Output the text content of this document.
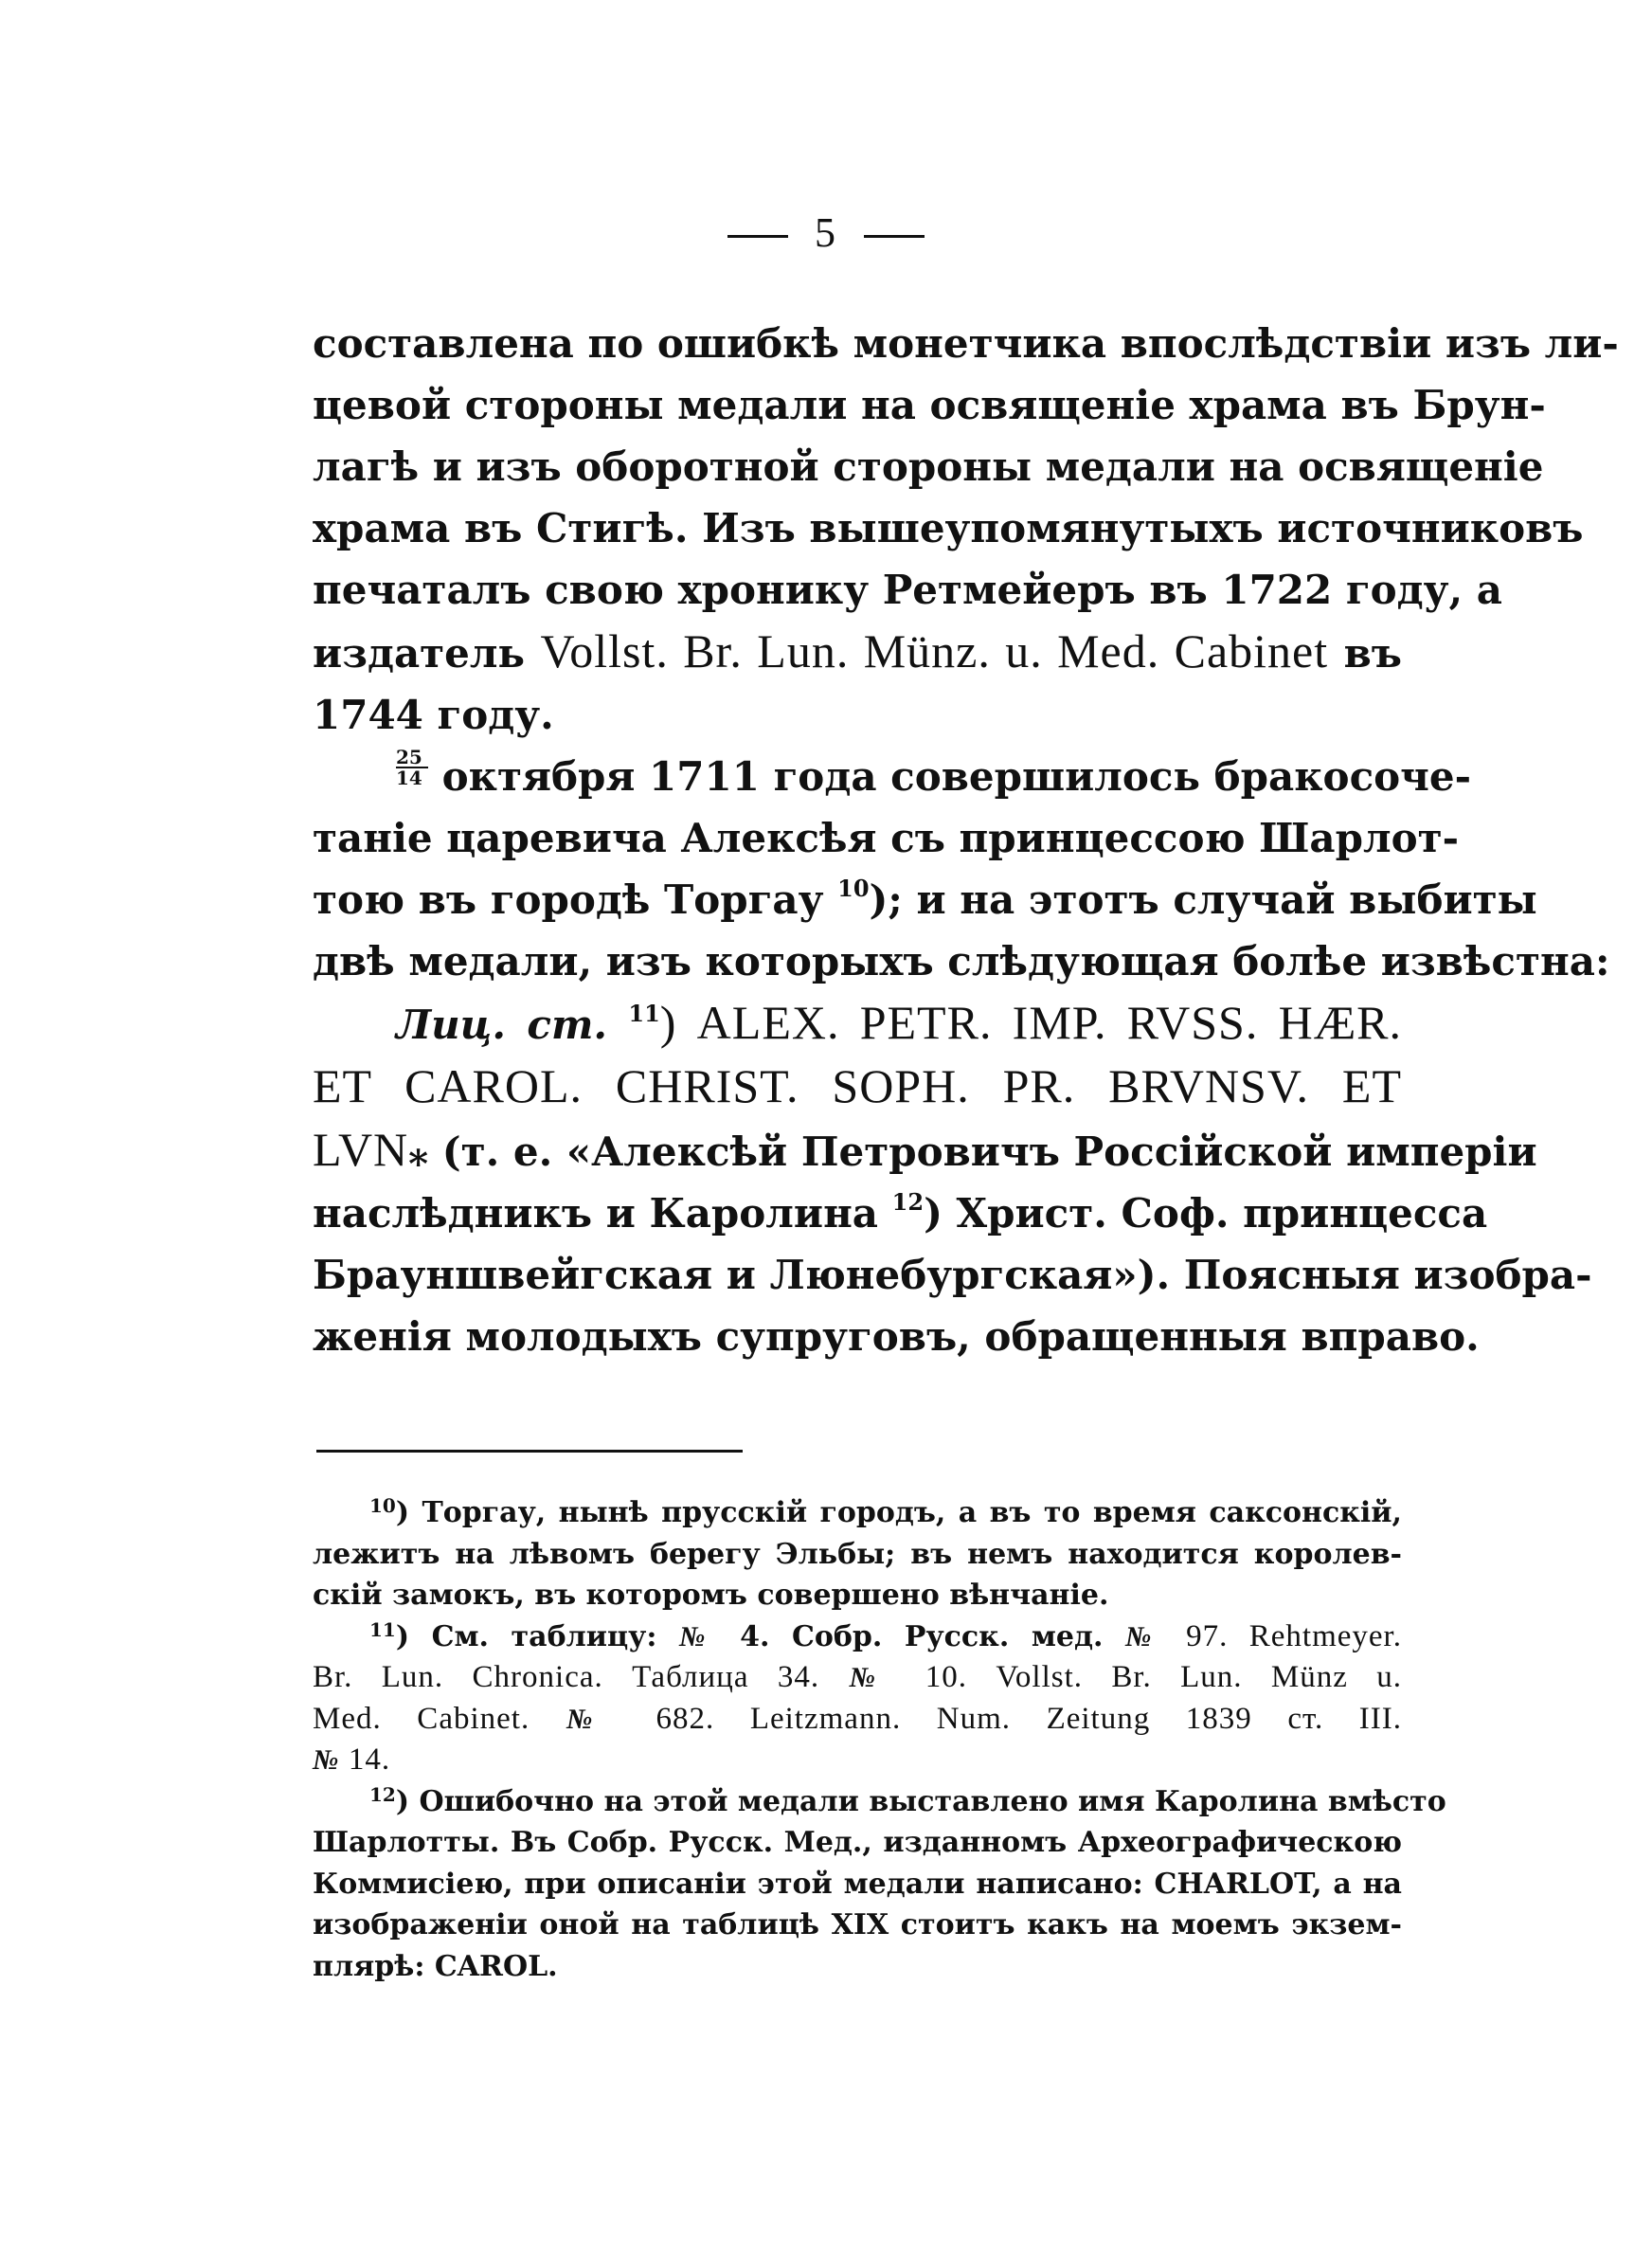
5
составлена по ошибкѣ монетчика впослѣдствіи изъ ли-
цевой стороны медали на освященіе храма въ Брун-
лагѣ и изъ оборотной стороны медали на освященіе
храма въ Стигѣ. Изъ вышеупомянутыхъ источниковъ
печаталъ свою хронику Ретмейеръ въ 1722 году, а
издатель Vollst. Br. Lun. Münz. u. Med. Cabinet въ
1744 году.
$\frac{25}{14}$ октября 1711 года совершилось бракосоче-
таніе царевича Алексѣя съ принцессою Шарлот-
тою въ городѣ Торгау $^{10}$); и на этотъ случай выбиты
двѣ медали, изъ которыхъ слѣдующая болѣе извѣстна:
Лиц. ст. $^{11}$) ALEX. PETR. IMP. RVSS. HÆR.
ET CAROL. CHRIST. SOPH. PR. BRVNSV. ET
LVN* (т. е. «Алексѣй Петровичъ Россійской имперіи
наслѣдникъ и Каролина $^{12}$) Христ. Соф. принцесса
Брауншвейгская и Люнебургская»). Поясныя изобра-
женія молодыхъ супруговъ, обращенныя вправо.
$^{10}$) Торгау, нынѣ прусскій городъ, а въ то время саксонскій,
лежитъ на лѣвомъ берегу Эльбы; въ немъ находится королев-
скій замокъ, въ которомъ совершено вѣнчаніе.
$^{11}$) См. таблицу: № 4. Собр. Русск. мед. № 97. Rehtmeyer.
Br. Lun. Chronica. Таблица 34. № 10. Vollst. Br. Lun. Münz u.
Med. Cabinet. № 682. Leitzmann. Num. Zeitung 1839 ст. III.
№ 14.
$^{12}$) Ошибочно на этой медали выставлено имя Каролина вмѣсто
Шарлотты. Въ Собр. Русск. Мед., изданномъ Археографическою
Коммисіею, при описаніи этой медали написано: CHARLOT, а на
изображеніи оной на таблицѣ XIX стоитъ какъ на моемъ экзем-
плярѣ: CAROL.
